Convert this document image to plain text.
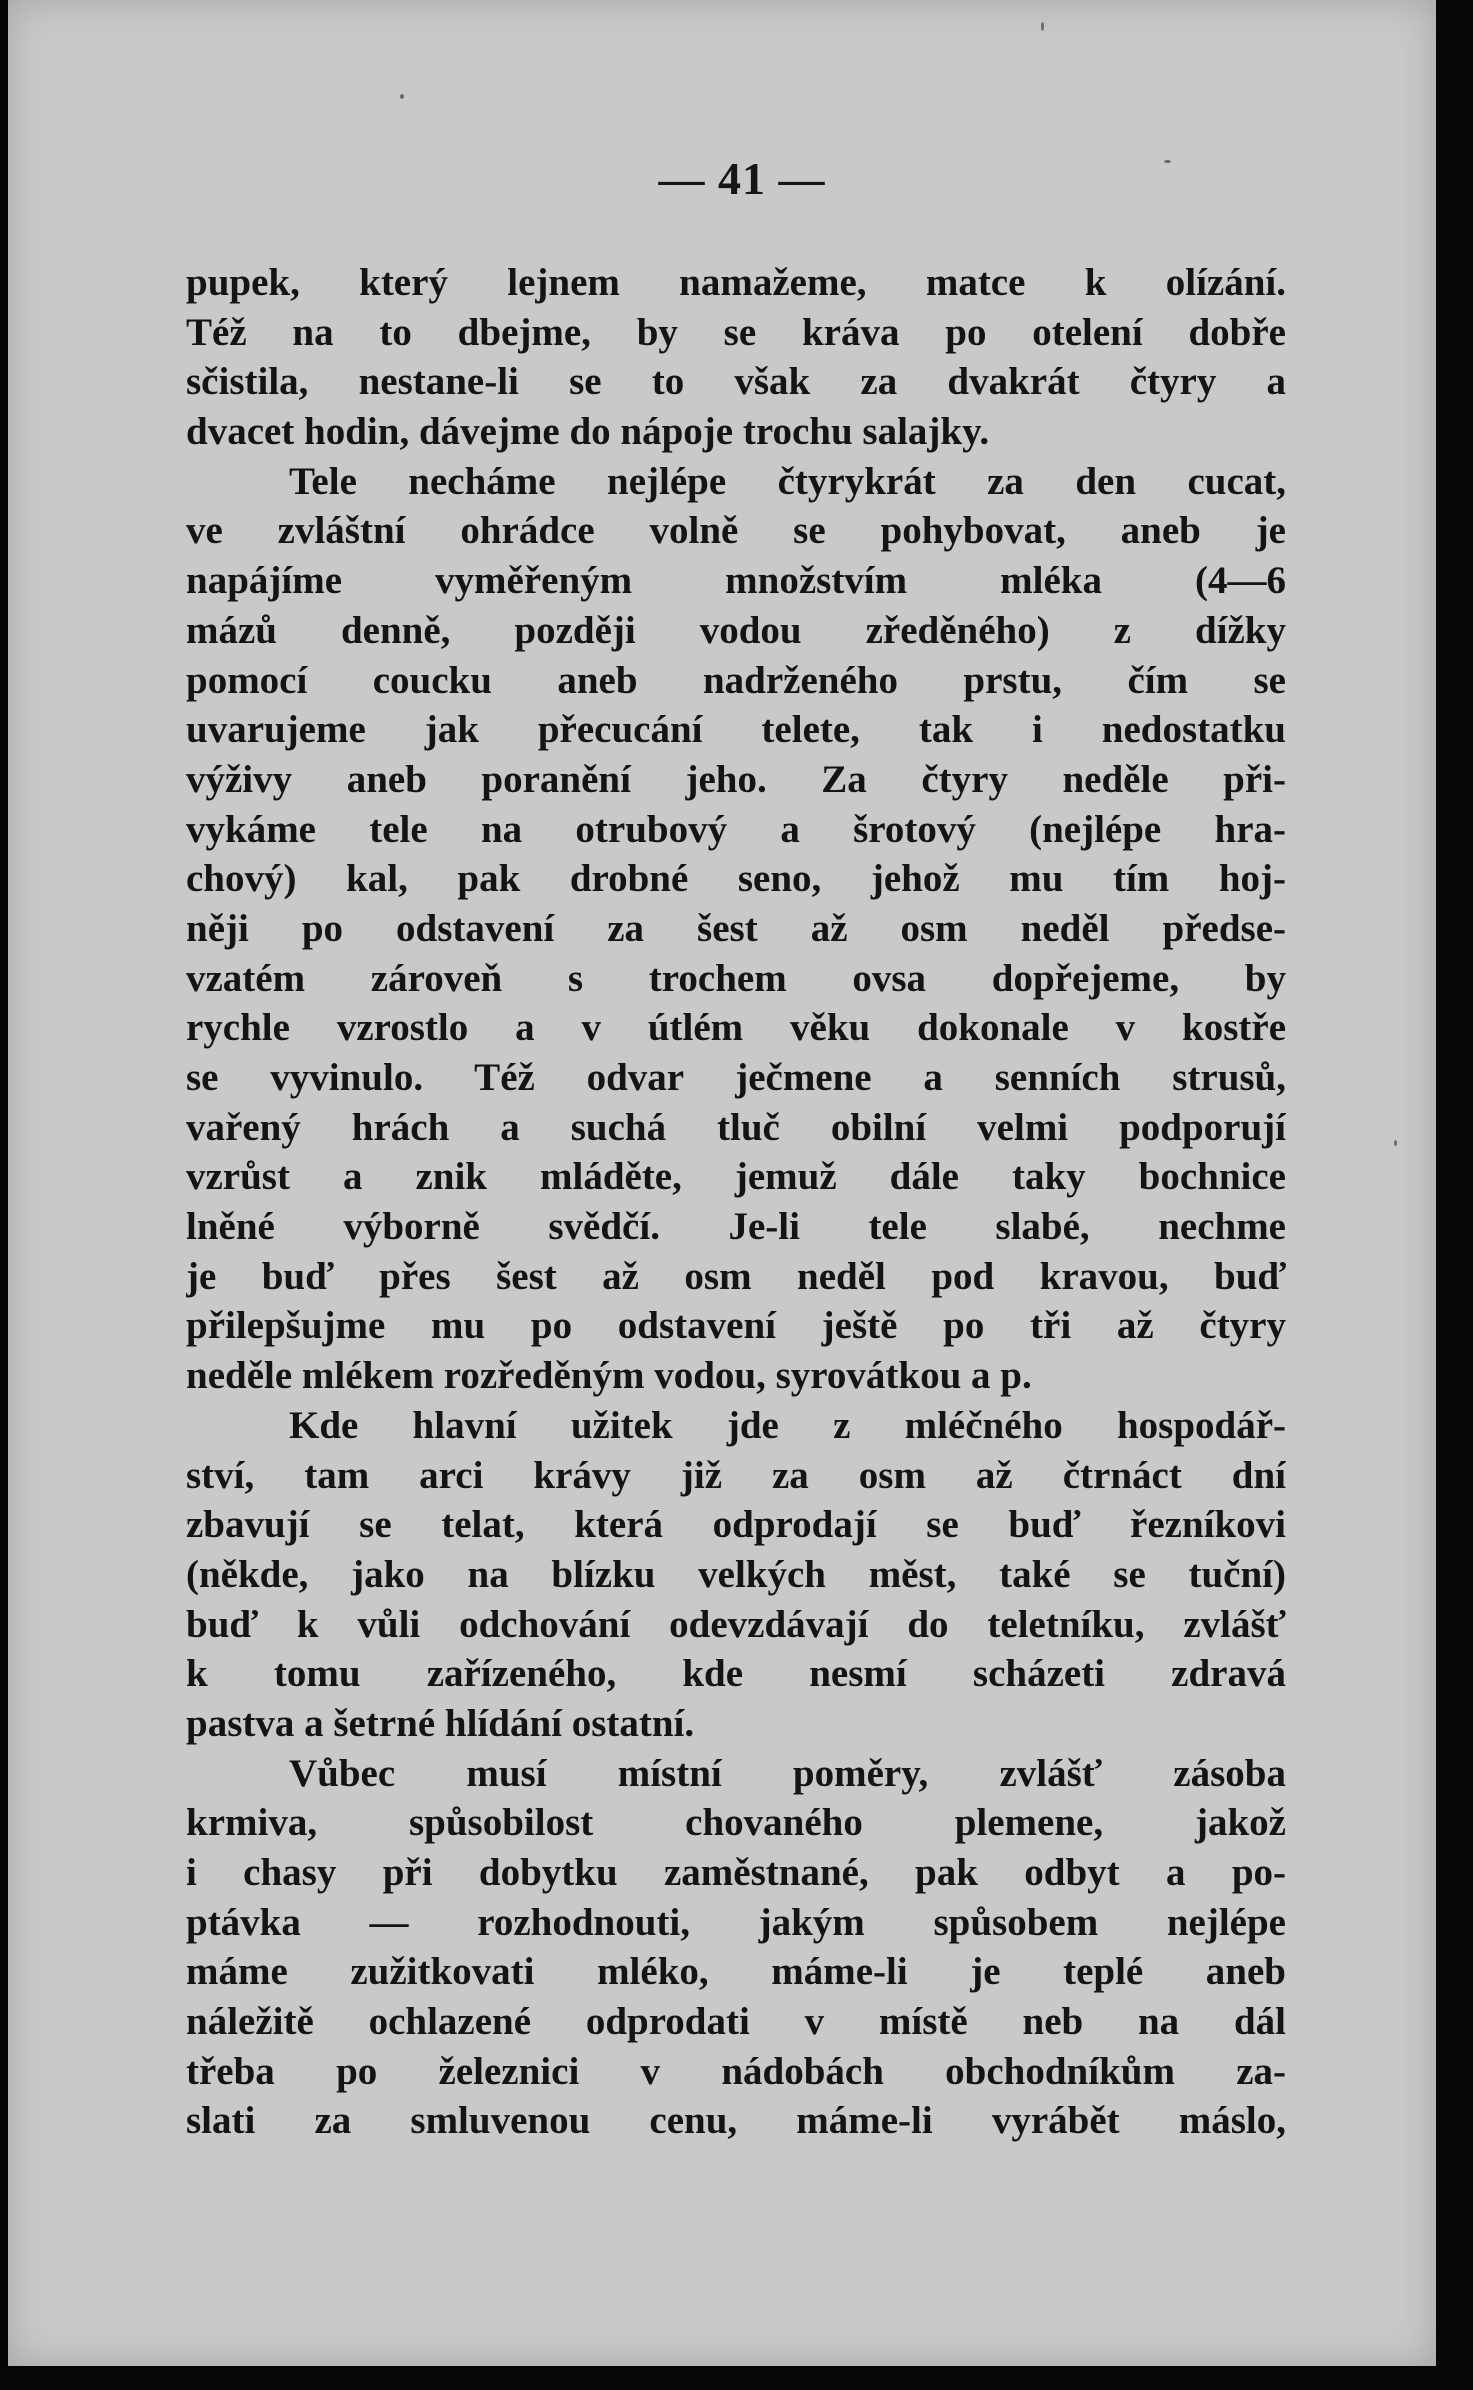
— 41 —
pupek, který lejnem namažeme, matce k olízání.
Též na to dbejme, by se kráva po otelení dobře
sčistila, nestane-li se to však za dvakrát čtyry a
dvacet hodin, dávejme do nápoje trochu salajky.
Tele necháme nejlépe čtyrykrát za den cucat,
ve zvláštní ohrádce volně se pohybovat, aneb je
napájíme vyměřeným množstvím mléka (4—6
mázů denně, později vodou zředěného) z dížky
pomocí coucku aneb nadrženého prstu, čím se
uvarujeme jak přecucání telete, tak i nedostatku
výživy aneb poranění jeho. Za čtyry neděle při-
vykáme tele na otrubový a šrotový (nejlépe hra-
chový) kal, pak drobné seno, jehož mu tím hoj-
něji po odstavení za šest až osm neděl předse-
vzatém zároveň s trochem ovsa dopřejeme, by
rychle vzrostlo a v útlém věku dokonale v kostře
se vyvinulo. Též odvar ječmene a senních strusů,
vařený hrách a suchá tluč obilní velmi podporují
vzrůst a znik mláděte, jemuž dále taky bochnice
lněné výborně svědčí. Je-li tele slabé, nechme
je buď přes šest až osm neděl pod kravou, buď
přilepšujme mu po odstavení ještě po tři až čtyry
neděle mlékem rozředěným vodou, syrovátkou a p.
Kde hlavní užitek jde z mléčného hospodář-
ství, tam arci krávy již za osm až čtrnáct dní
zbavují se telat, která odprodají se buď řezníkovi
(někde, jako na blízku velkých měst, také se tuční)
buď k vůli odchování odevzdávají do teletníku, zvlášť
k tomu zařízeného, kde nesmí scházeti zdravá
pastva a šetrné hlídání ostatní.
Vůbec musí místní poměry, zvlášť zásoba
krmiva, spůsobilost chovaného plemene, jakož
i chasy při dobytku zaměstnané, pak odbyt a po-
ptávka — rozhodnouti, jakým spůsobem nejlépe
máme zužitkovati mléko, máme-li je teplé aneb
náležitě ochlazené odprodati v místě neb na dál
třeba po železnici v nádobách obchodníkům za-
slati za smluvenou cenu, máme-li vyrábět máslo,
